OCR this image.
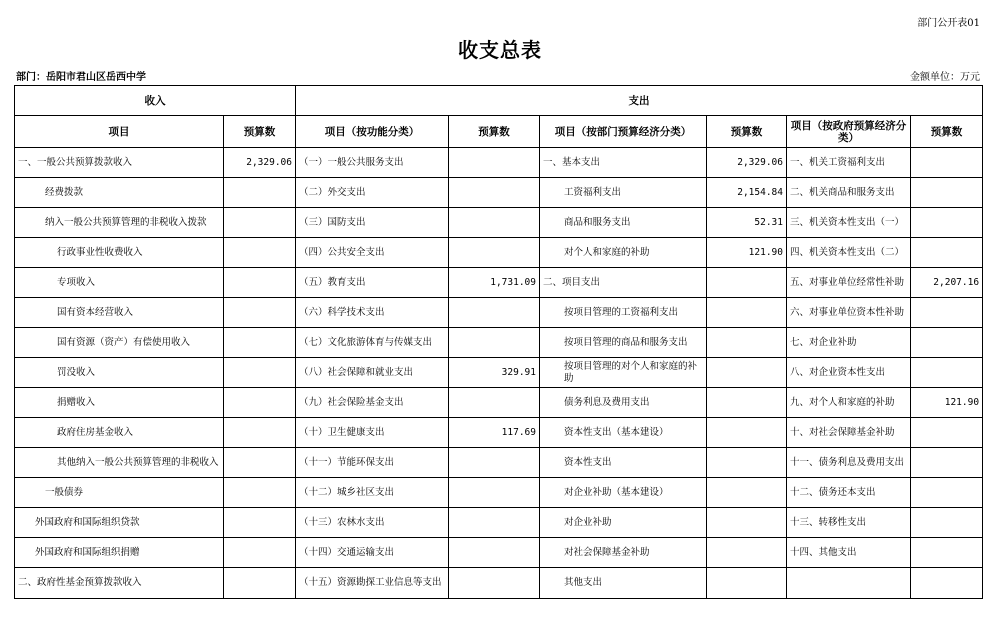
部门公开表01
收支总表
部门：岳阳市君山区岳西中学	金额单位：万元
收入		支出					
项目	预算数	项目（按功能分类）	预算数	项目（按部门预算经济分类）	预算数	项目（按政府预算经济分类）	预算数
一、一般公共预算拨款收入	2,329.06	（一）一般公共服务支出		一、基本支出	2,329.06	一、机关工资福利支出	
经费拨款		（二）外交支出		工资福利支出	2,154.84	二、机关商品和服务支出	
纳入一般公共预算管理的非税收入拨款		（三）国防支出		商品和服务支出	52.31	三、机关资本性支出（一）	
行政事业性收费收入		（四）公共安全支出		对个人和家庭的补助	121.90	四、机关资本性支出（二）	
专项收入		（五）教育支出	1,731.09	二、项目支出		五、对事业单位经常性补助	2,207.16
国有资本经营收入		（六）科学技术支出		按项目管理的工资福利支出		六、对事业单位资本性补助	
国有资源（资产）有偿使用收入		（七）文化旅游体育与传媒支出		按项目管理的商品和服务支出		七、对企业补助	
罚没收入		（八）社会保障和就业支出	329.91	按项目管理的对个人和家庭的补助		八、对企业资本性支出	
捐赠收入		（九）社会保险基金支出		债务利息及费用支出		九、对个人和家庭的补助	121.90
政府住房基金收入		（十）卫生健康支出	117.69	资本性支出（基本建设）		十、对社会保障基金补助	
其他纳入一般公共预算管理的非税收入		（十一）节能环保支出		资本性支出		十一、债务利息及费用支出	
一般债券		（十二）城乡社区支出		对企业补助（基本建设）		十二、债务还本支出	
外国政府和国际组织贷款		（十三）农林水支出		对企业补助		十三、转移性支出	
外国政府和国际组织捐赠		（十四）交通运输支出		对社会保障基金补助		十四、其他支出	
二、政府性基金预算拨款收入		（十五）资源勘探工业信息等支出		其他支出			
